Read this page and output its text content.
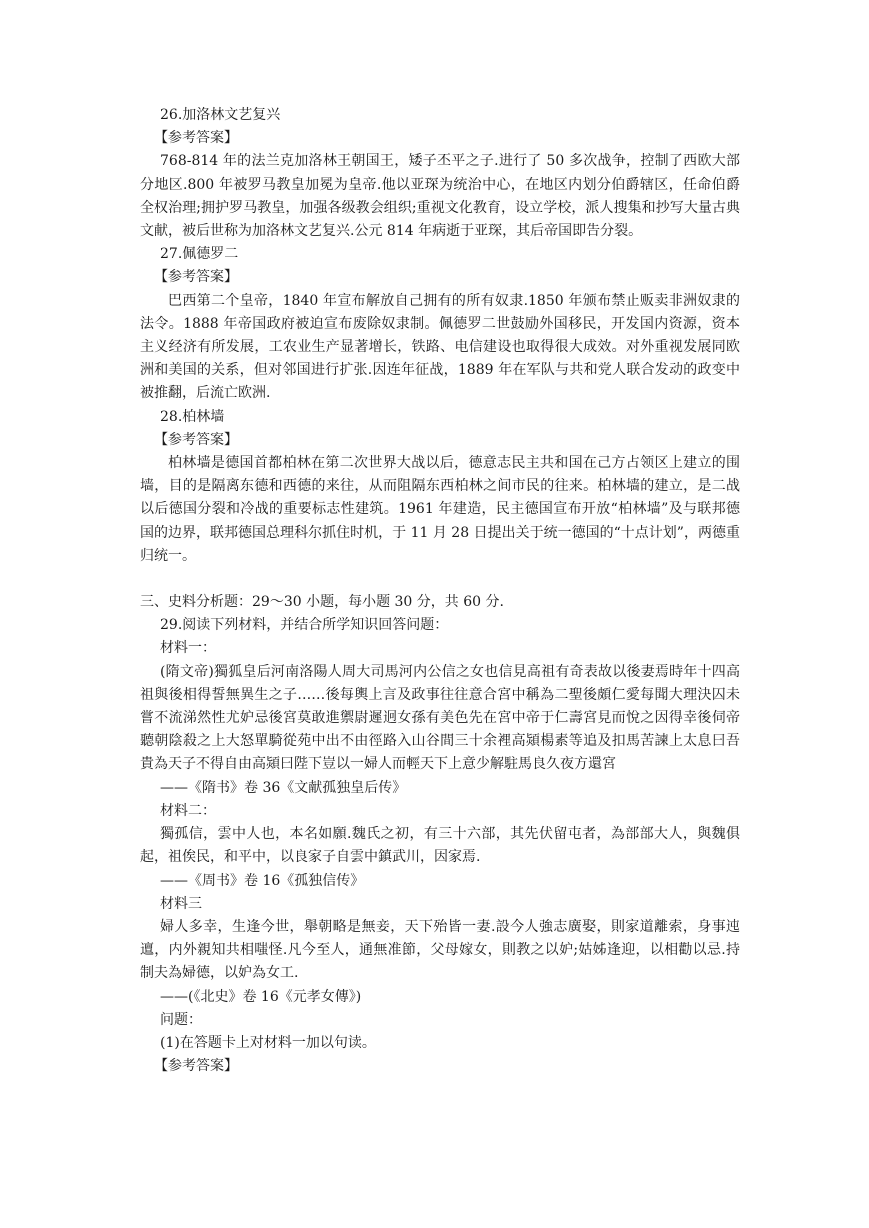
26.加洛林文艺复兴

【参考答案】

768-814 年的法兰克加洛林王朝国王，矮子丕平之子.进行了 50 多次战争，控制了西欧大部分地区.800 年被罗马教皇加冕为皇帝.他以亚琛为统治中心，在地区内划分伯爵辖区，任命伯爵全权治理;拥护罗马教皇，加强各级教会组织;重视文化教育，设立学校，派人搜集和抄写大量古典文献，被后世称为加洛林文艺复兴.公元 814 年病逝于亚琛，其后帝国即告分裂。

27.佩德罗二

【参考答案】

巴西第二个皇帝，1840 年宣布解放自己拥有的所有奴隶.1850 年颁布禁止贩卖非洲奴隶的法令。1888 年帝国政府被迫宣布废除奴隶制。佩德罗二世鼓励外国移民，开发国内资源，资本主义经济有所发展，工农业生产显著增长，铁路、电信建设也取得很大成效。对外重视发展同欧洲和美国的关系，但对邻国进行扩张.因连年征战，1889 年在军队与共和党人联合发动的政变中被推翻，后流亡欧洲.

28.柏林墙

【参考答案】

柏林墙是德国首都柏林在第二次世界大战以后，德意志民主共和国在己方占领区上建立的围墙，目的是隔离东德和西德的来往，从而阻隔东西柏林之间市民的往来。柏林墙的建立，是二战以后德国分裂和冷战的重要标志性建筑。1961 年建造，民主德国宣布开放“柏林墙”及与联邦德国的边界，联邦德国总理科尔抓住时机，于 11 月 28 日提出关于统一德国的“十点计划”，两德重归统一。

三、史料分析题：29～30 小题，每小题 30 分，共 60 分.

29.阅读下列材料，并结合所学知识回答问题：

材料一：

(隋文帝)獨狐皇后河南洛陽人周大司馬河内公信之女也信見高祖有奇表故以後妻焉時年十四高祖與後相得誓無異生之子……後每輿上言及政事往往意合宮中稱為二聖後頗仁愛每聞大理決囚未嘗不流涕然性尤妒忌後宮莫敢進禦尉遲迥女孫有美色先在宮中帝于仁壽宮見而悅之因得幸後伺帝聽朝陰殺之上大怒單騎從苑中出不由徑路入山谷間三十余裡高熲楊素等追及扣馬苦諫上太息曰吾貴為天子不得自由高熲曰陛下豈以一婦人而輕天下上意少解駐馬良久夜方還宮

——《隋书》卷 36《文献孤独皇后传》

材料二：

獨孤信，雲中人也，本名如願.魏氏之初，有三十六部，其先伏留屯者，為部部大人，與魏俱起，祖俟民，和平中，以良家子自雲中鎮武川，因家焉.

——《周书》卷 16《孤独信传》

材料三

婦人多幸，生逢今世，舉朝略是無妾，天下殆皆一妻.設今人強志廣娶，則家道離索，身事迍邅，内外親知共相嗤怪.凡今至人，通無准節，父母嫁女，則教之以妒;姑姊逢迎，以相勸以忌.持制夫為婦德，以妒為女工.

——(《北史》卷 16《元孝女傳》)

问题：

(1)在答题卡上对材料一加以句读。

【参考答案】
